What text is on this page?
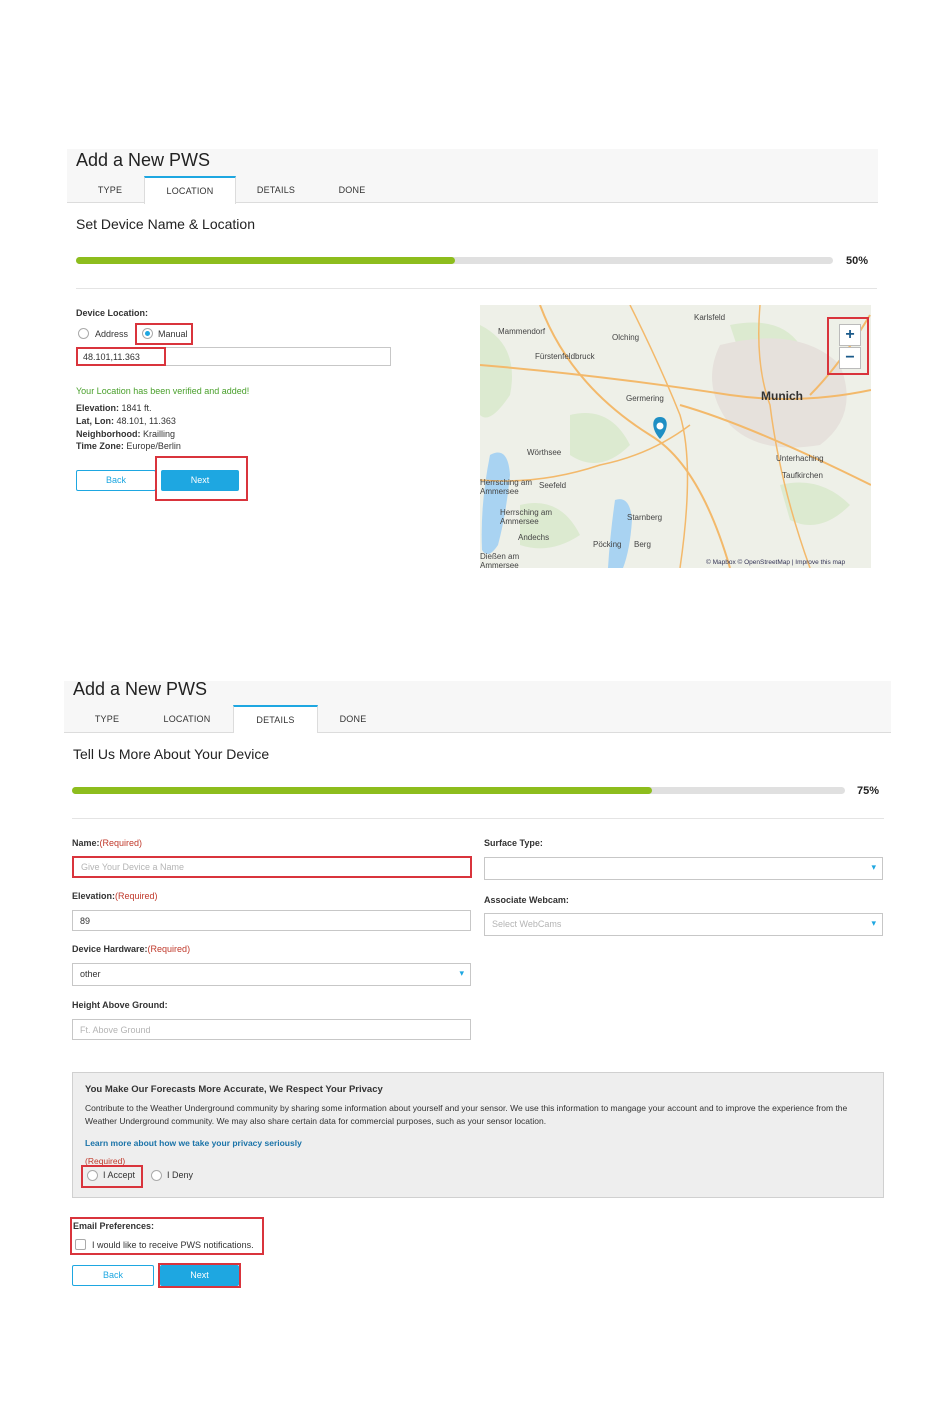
Add a New PWS
TYPE	LOCATION	DETAILS	DONE
Set Device Name & Location
50%
Device Location:
Address	Manual
48.101,11.363
Your Location has been verified and added!
Elevation: 1841 ft.
Lat, Lon: 48.101, 11.363
Neighborhood: Krailling
Time Zone: Europe/Berlin
Back	Next
Mammendorf
Olching
Karlsfeld
Fürstenfeldbruck
Germering	Munich
Wörthsee
Unterhaching
Taufkirchen
Herrsching am Ammersee
Seefeld
Herrsching am Ammersee	Starnberg
Andechs
Pöcking Berg
Dießen am Ammersee
+
−
© Mapbox © OpenStreetMap | Improve this map
Add a New PWS
TYPE	LOCATION	DETAILS	DONE
Tell Us More About Your Device
75%
Name:(Required)
Give Your Device a Name
Elevation:(Required)
89
Device Hardware:(Required)
other ▾
Height Above Ground:
Ft. Above Ground
Surface Type:
▾
Associate Webcam:
Select WebCams ▾
You Make Our Forecasts More Accurate, We Respect Your Privacy
Contribute to the Weather Underground community by sharing some information about yourself and your sensor. We use this information to mangage your account and to improve the experience from the Weather Underground community. We may also share certain data for commercial purposes, such as your sensor location.
Learn more about how we take your privacy seriously
(Required)
I Accept	I Deny
Email Preferences:
I would like to receive PWS notifications.
Back	Next
